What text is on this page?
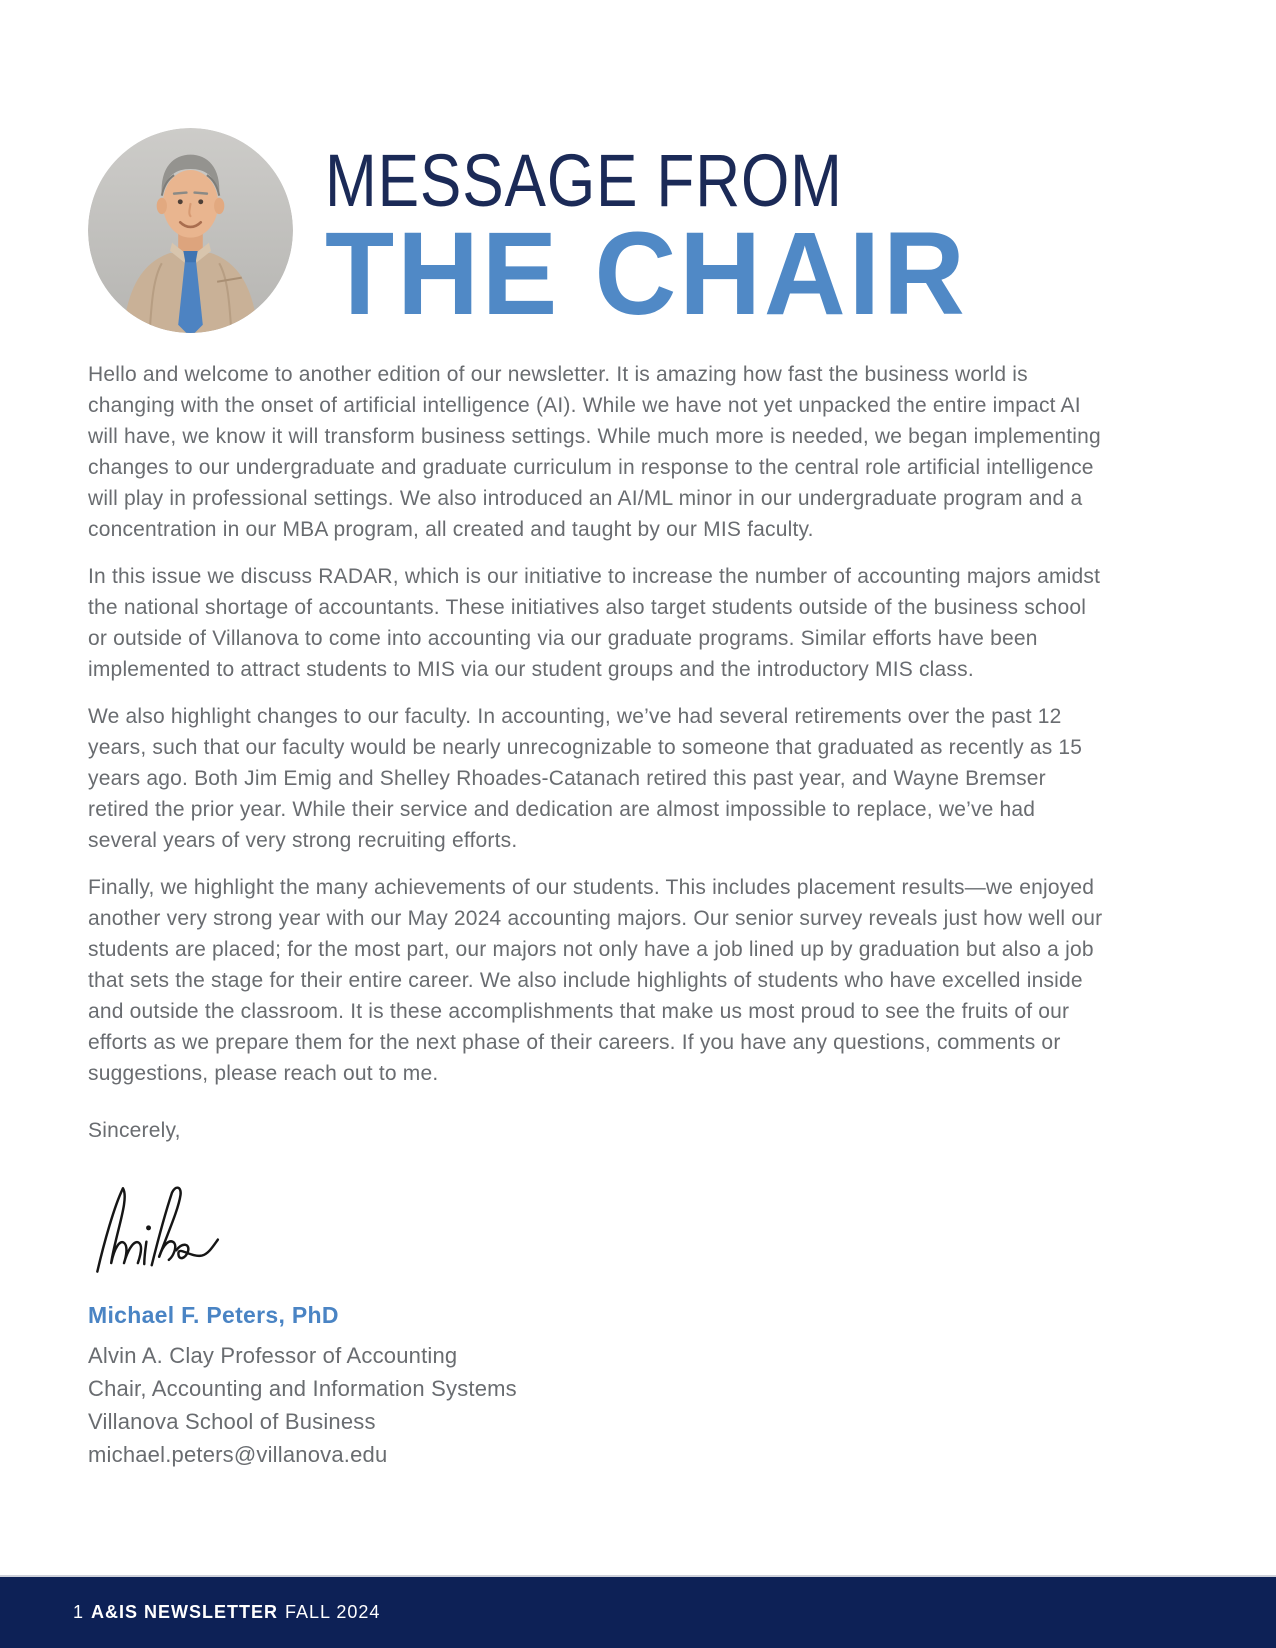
MESSAGE FROM
THE CHAIR

Hello and welcome to another edition of our newsletter. It is amazing how fast the business world is changing with the onset of artificial intelligence (AI). While we have not yet unpacked the entire impact AI will have, we know it will transform business settings. While much more is needed, we began implementing changes to our undergraduate and graduate curriculum in response to the central role artificial intelligence will play in professional settings. We also introduced an AI/ML minor in our undergraduate program and a concentration in our MBA program, all created and taught by our MIS faculty.

In this issue we discuss RADAR, which is our initiative to increase the number of accounting majors amidst the national shortage of accountants. These initiatives also target students outside of the business school or outside of Villanova to come into accounting via our graduate programs. Similar efforts have been implemented to attract students to MIS via our student groups and the introductory MIS class.

We also highlight changes to our faculty. In accounting, we’ve had several retirements over the past 12 years, such that our faculty would be nearly unrecognizable to someone that graduated as recently as 15 years ago. Both Jim Emig and Shelley Rhoades-Catanach retired this past year, and Wayne Bremser retired the prior year. While their service and dedication are almost impossible to replace, we’ve had several years of very strong recruiting efforts.

Finally, we highlight the many achievements of our students. This includes placement results—we enjoyed another very strong year with our May 2024 accounting majors. Our senior survey reveals just how well our students are placed; for the most part, our majors not only have a job lined up by graduation but also a job that sets the stage for their entire career. We also include highlights of students who have excelled inside and outside the classroom. It is these accomplishments that make us most proud to see the fruits of our efforts as we prepare them for the next phase of their careers. If you have any questions, comments or suggestions, please reach out to me.

Sincerely,

Michael F. Peters, PhD
Alvin A. Clay Professor of Accounting
Chair, Accounting and Information Systems
Villanova School of Business
michael.peters@villanova.edu
1 A&IS NEWSLETTER FALL 2024
